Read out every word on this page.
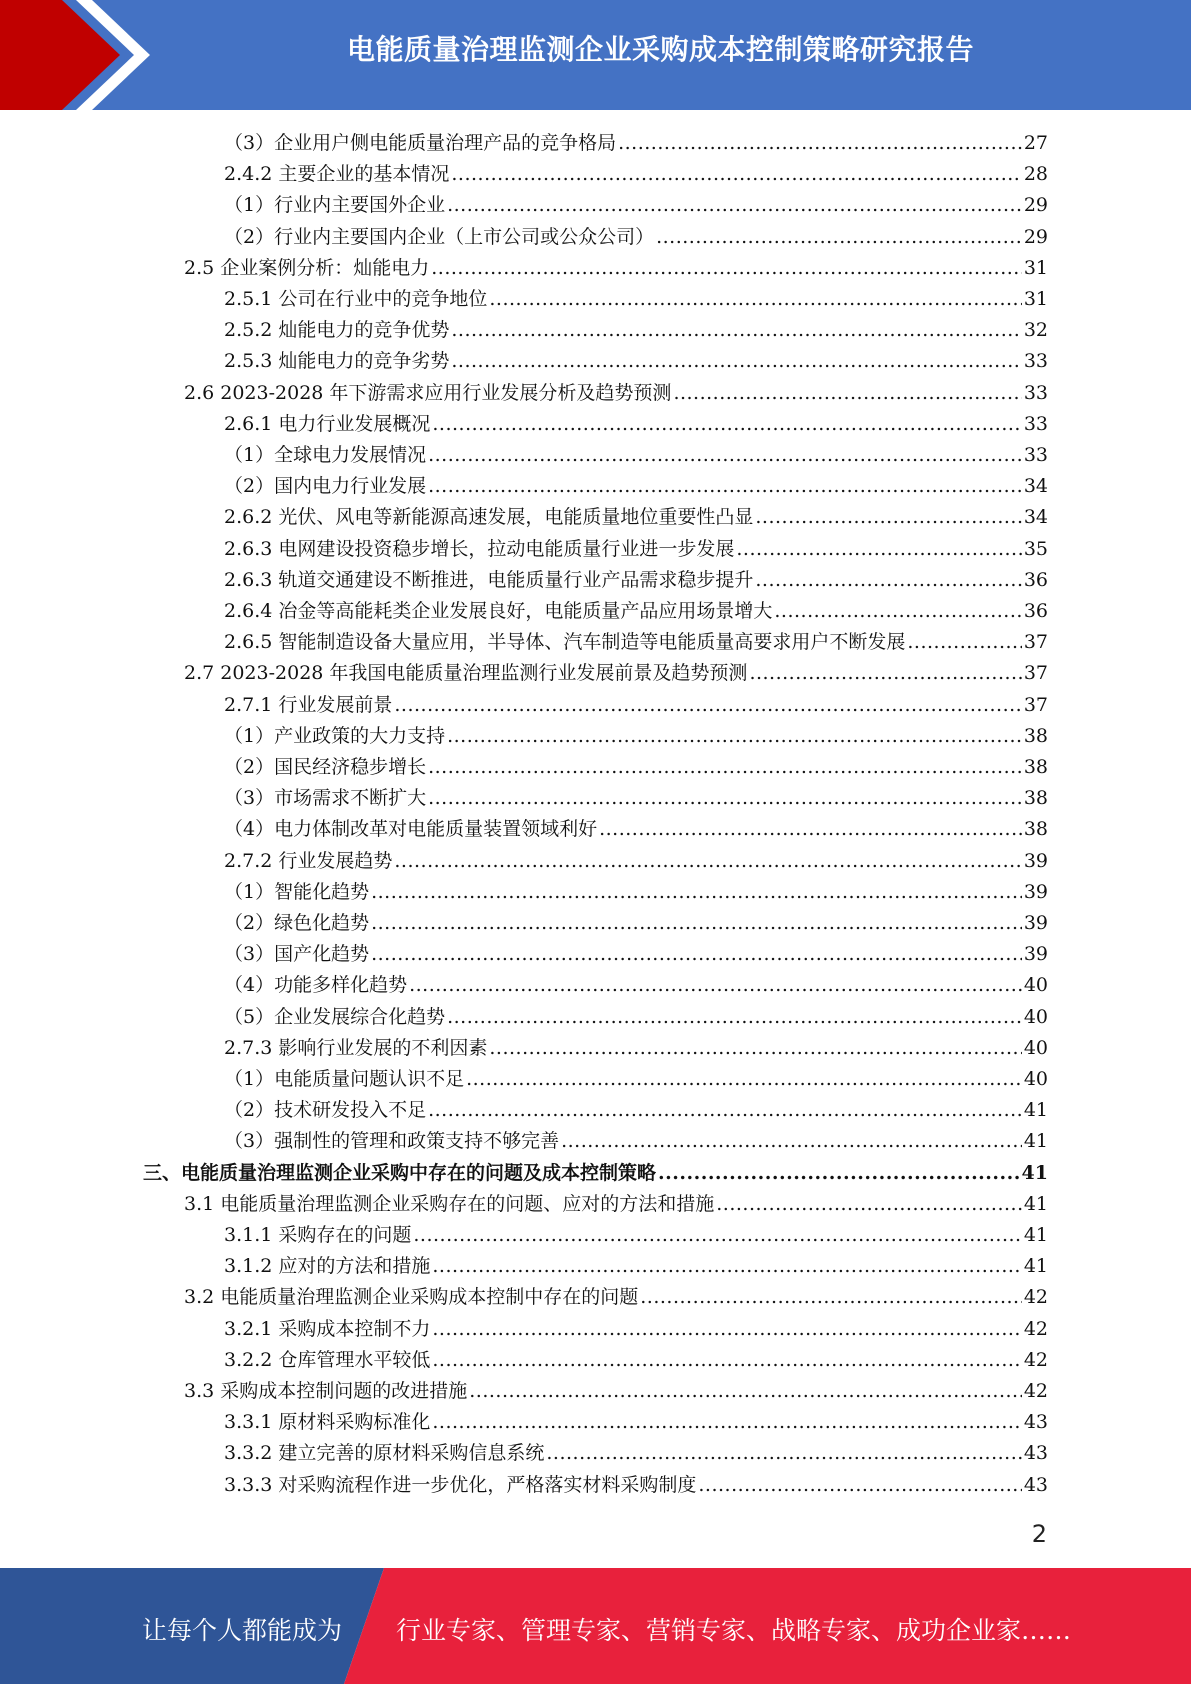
电能质量治理监测企业采购成本控制策略研究报告
（3）企业用户侧电能质量治理产品的竞争格局 .....	27
2.4.2 主要企业的基本情况 .....	28
（1）行业内主要国外企业 .....	29
（2）行业内主要国内企业（上市公司或公众公司） .....	29
2.5 企业案例分析：灿能电力 .....	31
2.5.1 公司在行业中的竞争地位 .....	31
2.5.2 灿能电力的竞争优势 .....	32
2.5.3 灿能电力的竞争劣势 .....	33
2.6 2023-2028 年下游需求应用行业发展分析及趋势预测 .....	33
2.6.1 电力行业发展概况 .....	33
（1）全球电力发展情况 .....	33
（2）国内电力行业发展 .....	34
2.6.2 光伏、风电等新能源高速发展，电能质量地位重要性凸显 .....	34
2.6.3 电网建设投资稳步增长，拉动电能质量行业进一步发展 .....	35
2.6.3 轨道交通建设不断推进，电能质量行业产品需求稳步提升 .....	36
2.6.4 冶金等高能耗类企业发展良好，电能质量产品应用场景增大 .....	36
2.6.5 智能制造设备大量应用，半导体、汽车制造等电能质量高要求用户不断发展 .....	37
2.7 2023-2028 年我国电能质量治理监测行业发展前景及趋势预测 .....	37
2.7.1 行业发展前景 .....	37
（1）产业政策的大力支持 .....	38
（2）国民经济稳步增长 .....	38
（3）市场需求不断扩大 .....	38
（4）电力体制改革对电能质量装置领域利好 .....	38
2.7.2 行业发展趋势 .....	39
（1）智能化趋势 .....	39
（2）绿色化趋势 .....	39
（3）国产化趋势 .....	39
（4）功能多样化趋势 .....	40
（5）企业发展综合化趋势 .....	40
2.7.3 影响行业发展的不利因素 .....	40
（1）电能质量问题认识不足 .....	40
（2）技术研发投入不足 .....	41
（3）强制性的管理和政策支持不够完善 .....	41
三、电能质量治理监测企业采购中存在的问题及成本控制策略 .....	41
3.1 电能质量治理监测企业采购存在的问题、应对的方法和措施 .....	41
3.1.1 采购存在的问题 .....	41
3.1.2 应对的方法和措施 .....	41
3.2 电能质量治理监测企业采购成本控制中存在的问题 .....	42
3.2.1 采购成本控制不力 .....	42
3.2.2 仓库管理水平较低 .....	42
3.3 采购成本控制问题的改进措施 .....	42
3.3.1 原材料采购标准化 .....	43
3.3.2 建立完善的原材料采购信息系统 .....	43
3.3.3 对采购流程作进一步优化，严格落实材料采购制度 .....	43
2
让每个人都能成为 行业专家、管理专家、营销专家、战略专家、成功企业家……
